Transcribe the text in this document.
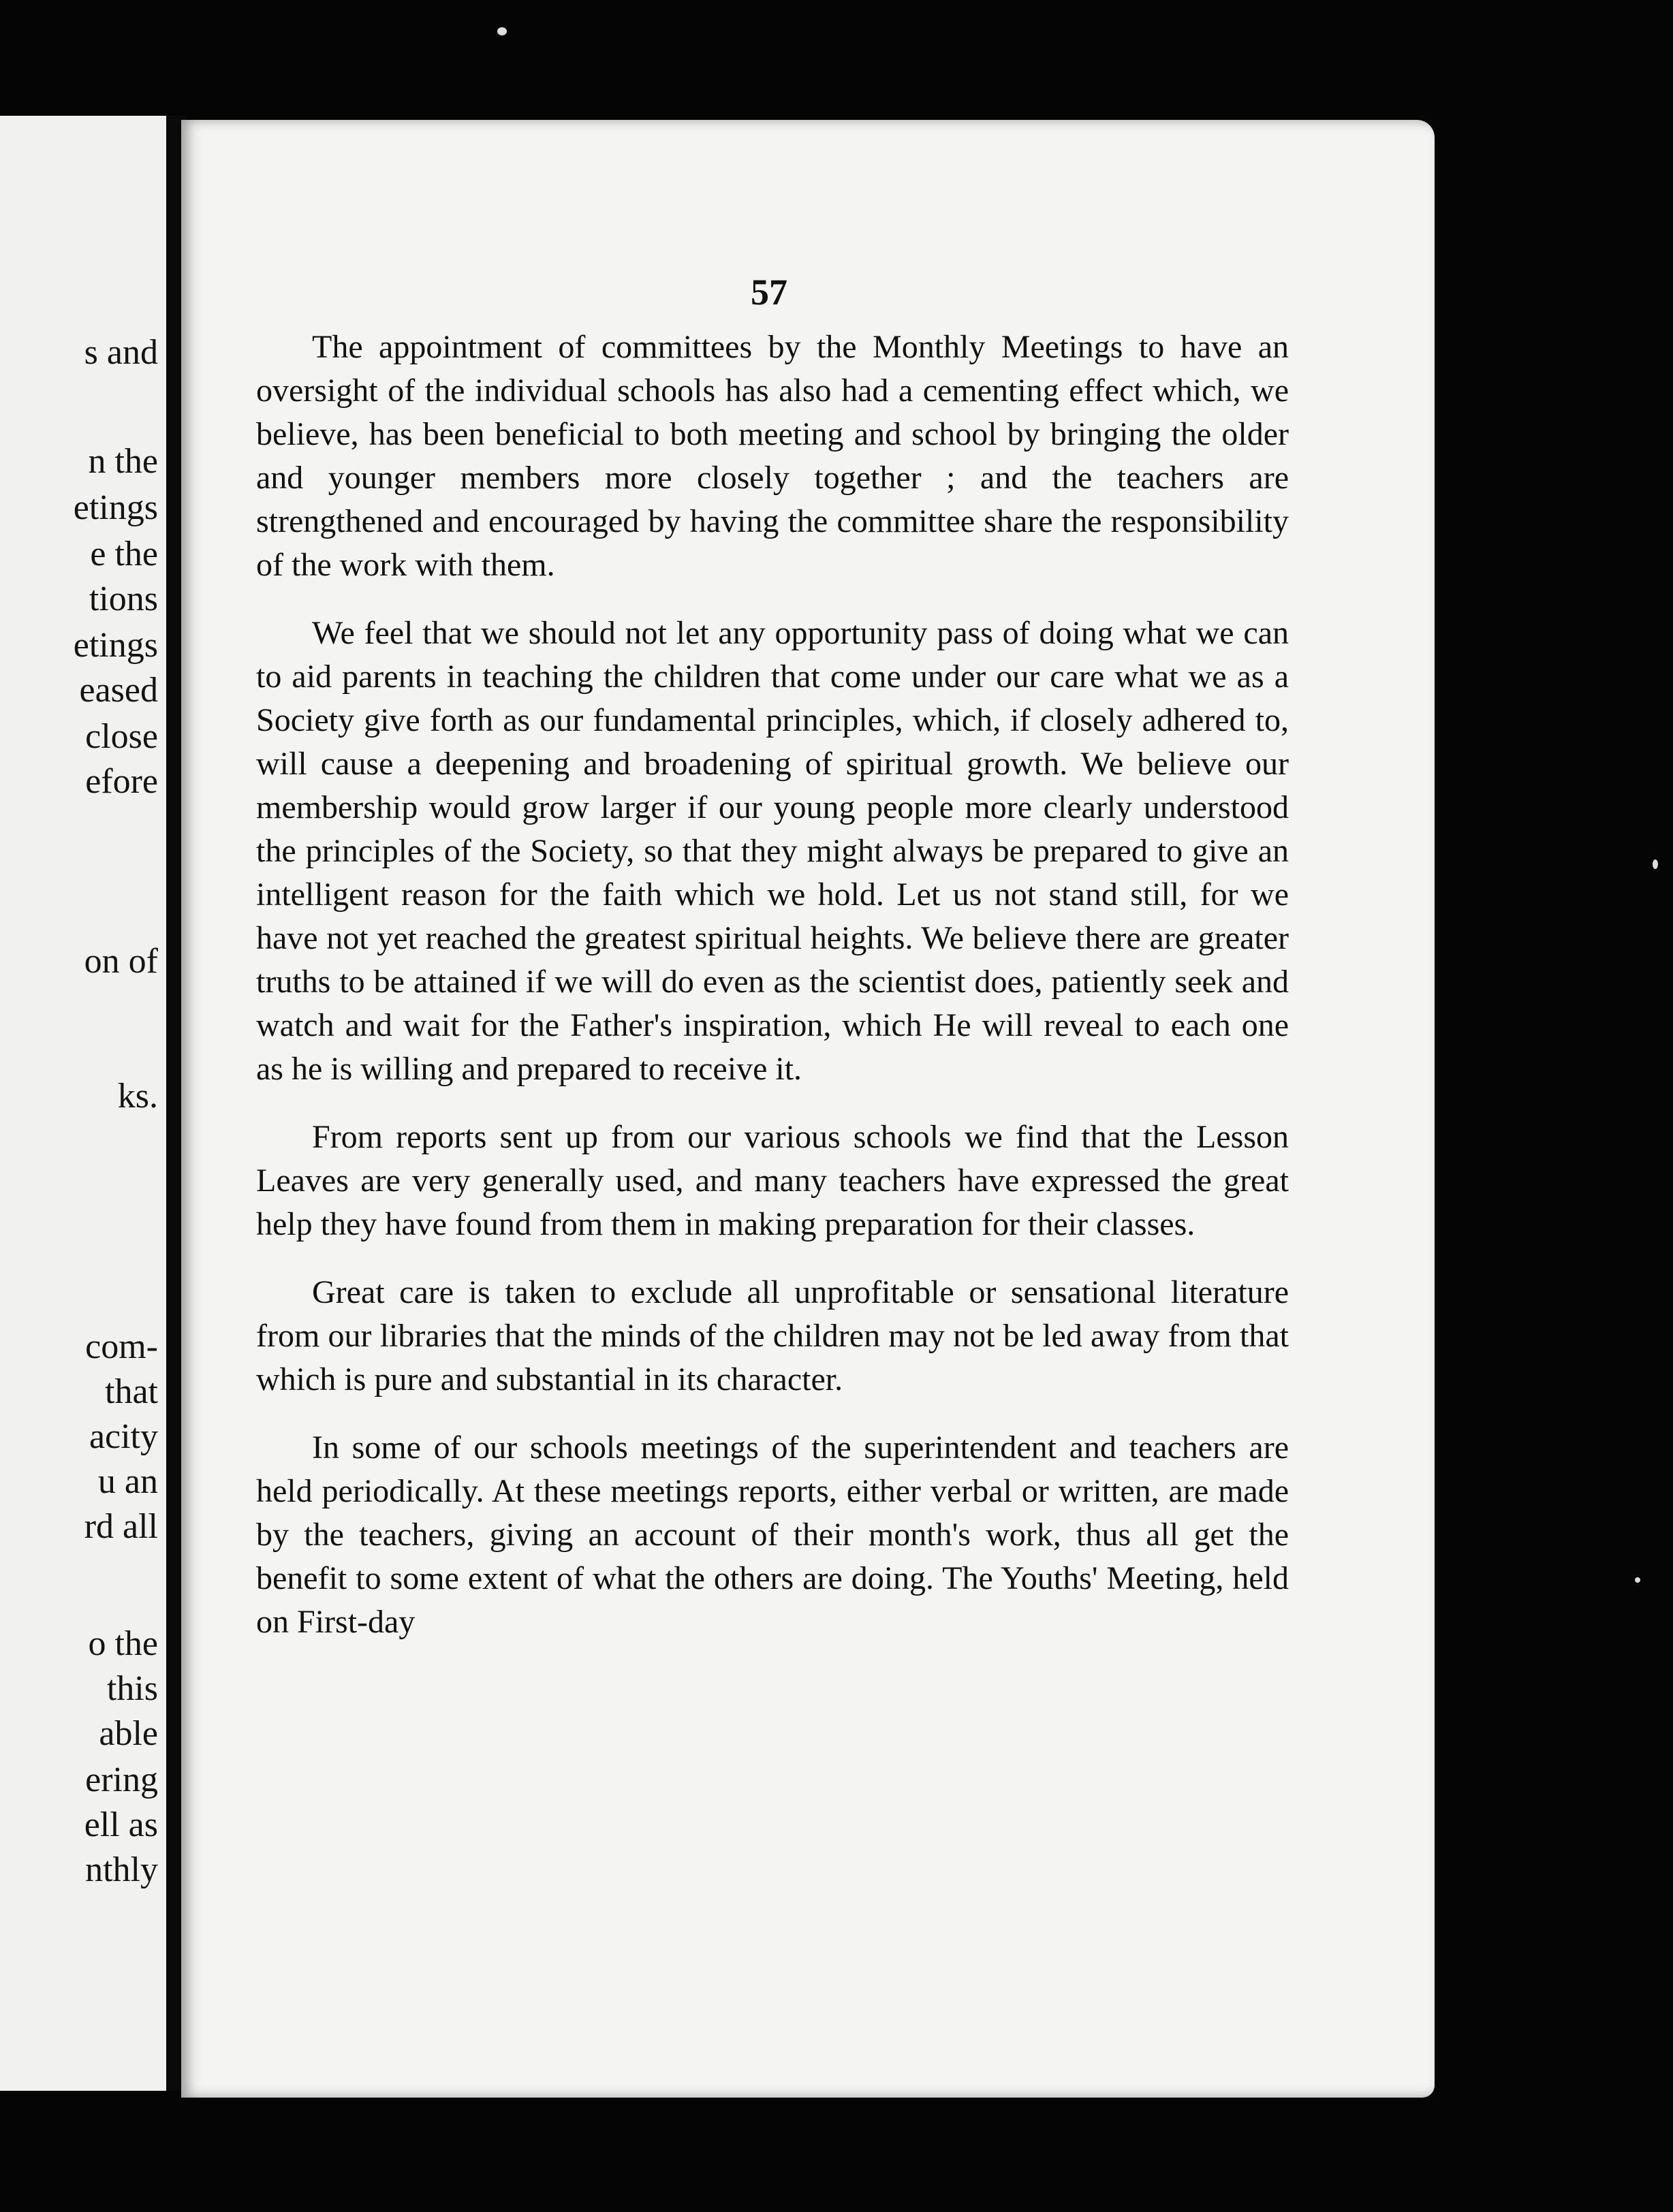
s and
n the
etings
e the
tions
etings
eased
close
efore
on of
ks.
com-
that
acity
u an
rd all
o the
this
able
ering
ell as
nthly
57

The appointment of committees by the Monthly Meetings to have an oversight of the individual schools has also had a cementing effect which, we believe, has been beneficial to both meeting and school by bringing the older and younger members more closely together ; and the teachers are strengthened and encouraged by having the committee share the responsibility of the work with them.

We feel that we should not let any opportunity pass of doing what we can to aid parents in teaching the children that come under our care what we as a Society give forth as our fundamental principles, which, if closely adhered to, will cause a deepening and broadening of spiritual growth. We believe our membership would grow larger if our young people more clearly understood the principles of the Society, so that they might always be prepared to give an intelligent reason for the faith which we hold. Let us not stand still, for we have not yet reached the greatest spiritual heights. We believe there are greater truths to be attained if we will do even as the scientist does, patiently seek and watch and wait for the Father's inspiration, which He will reveal to each one as he is willing and prepared to receive it.

From reports sent up from our various schools we find that the Lesson Leaves are very generally used, and many teachers have expressed the great help they have found from them in making preparation for their classes.

Great care is taken to exclude all unprofitable or sensational literature from our libraries that the minds of the children may not be led away from that which is pure and substantial in its character.

In some of our schools meetings of the superintendent and teachers are held periodically. At these meetings reports, either verbal or written, are made by the teachers, giving an account of their month's work, thus all get the benefit to some extent of what the others are doing. The Youths' Meeting, held on First-day
